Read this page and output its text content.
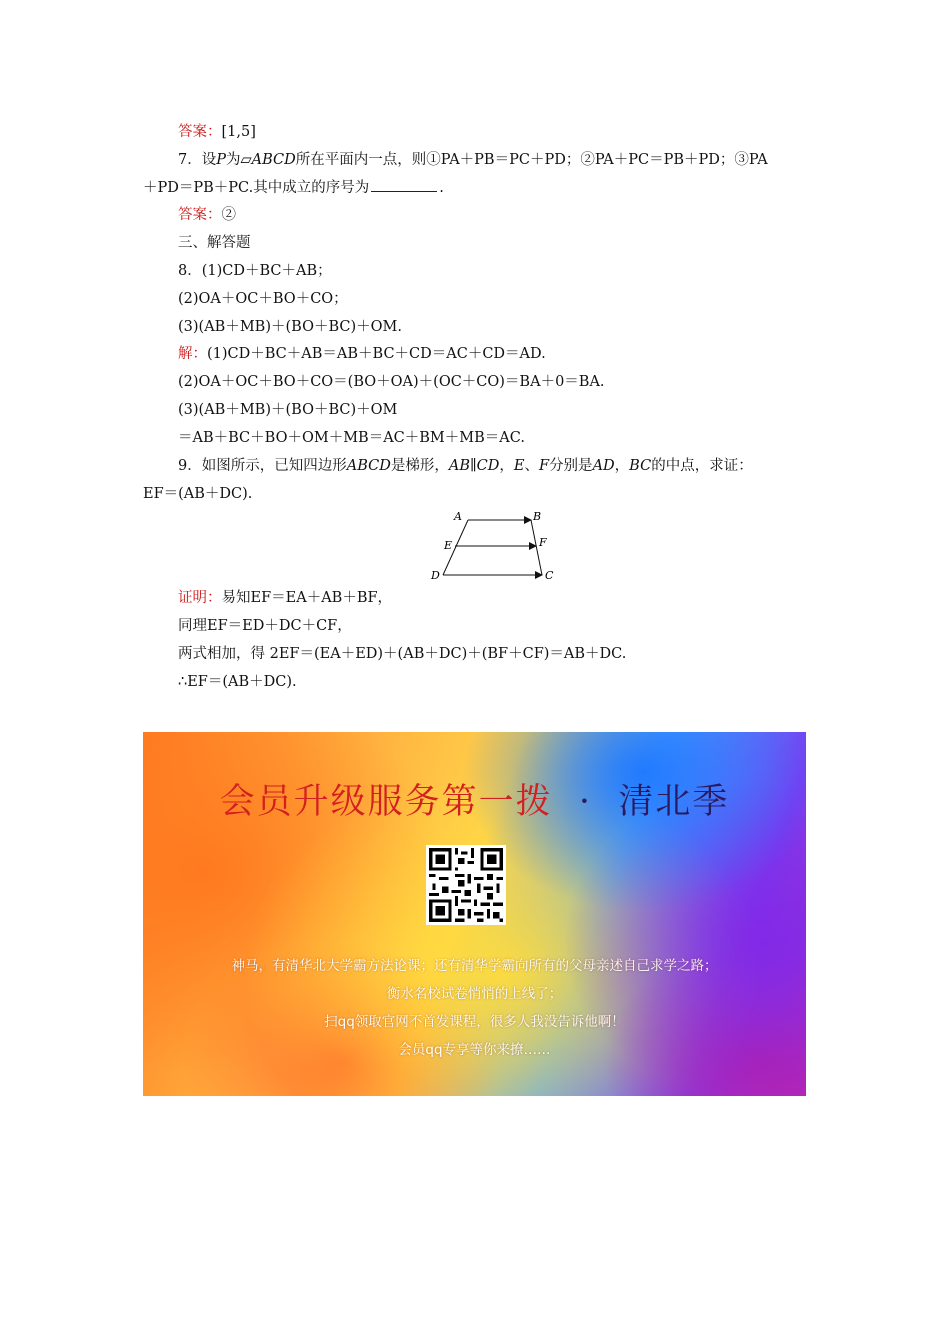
答案：[1,5]
7．设P为▱ABCD所在平面内一点，则①PA＋PB＝PC＋PD；②PA＋PC＝PB＋PD；③PA
＋PD＝PB＋PC.其中成立的序号为	.
答案：②
三、解答题
8．(1)CD＋BC＋AB；
(2)OA＋OC＋BO＋CO；
(3)(AB＋MB)＋(BO＋BC)＋OM.
解：(1)CD＋BC＋AB＝AB＋BC＋CD＝AC＋CD＝AD.
(2)OA＋OC＋BO＋CO＝(BO＋OA)＋(OC＋CO)＝BA＋0＝BA.
(3)(AB＋MB)＋(BO＋BC)＋OM
＝AB＋BC＋BO＋OM＋MB＝AC＋BM＋MB＝AC.
9．如图所示，已知四边形ABCD是梯形，AB∥CD，E、F分别是AD，BC的中点，求证：
EF＝(AB＋DC).
A	B
E	F
D	C
证明：易知EF＝EA＋AB＋BF，
同理EF＝ED＋DC＋CF，
两式相加，得 2EF＝(EA＋ED)＋(AB＋DC)＋(BF＋CF)＝AB＋DC.
∴EF＝(AB＋DC).
会员升级服务第一拨 · 清北季
神马，有清华北大学霸方法论课；还有清华学霸向所有的父母亲述自己求学之路；
衡水名校试卷悄悄的上线了；
扫qq领取官网不首发课程，很多人我没告诉他啊！
会员qq专享等你来撩……
